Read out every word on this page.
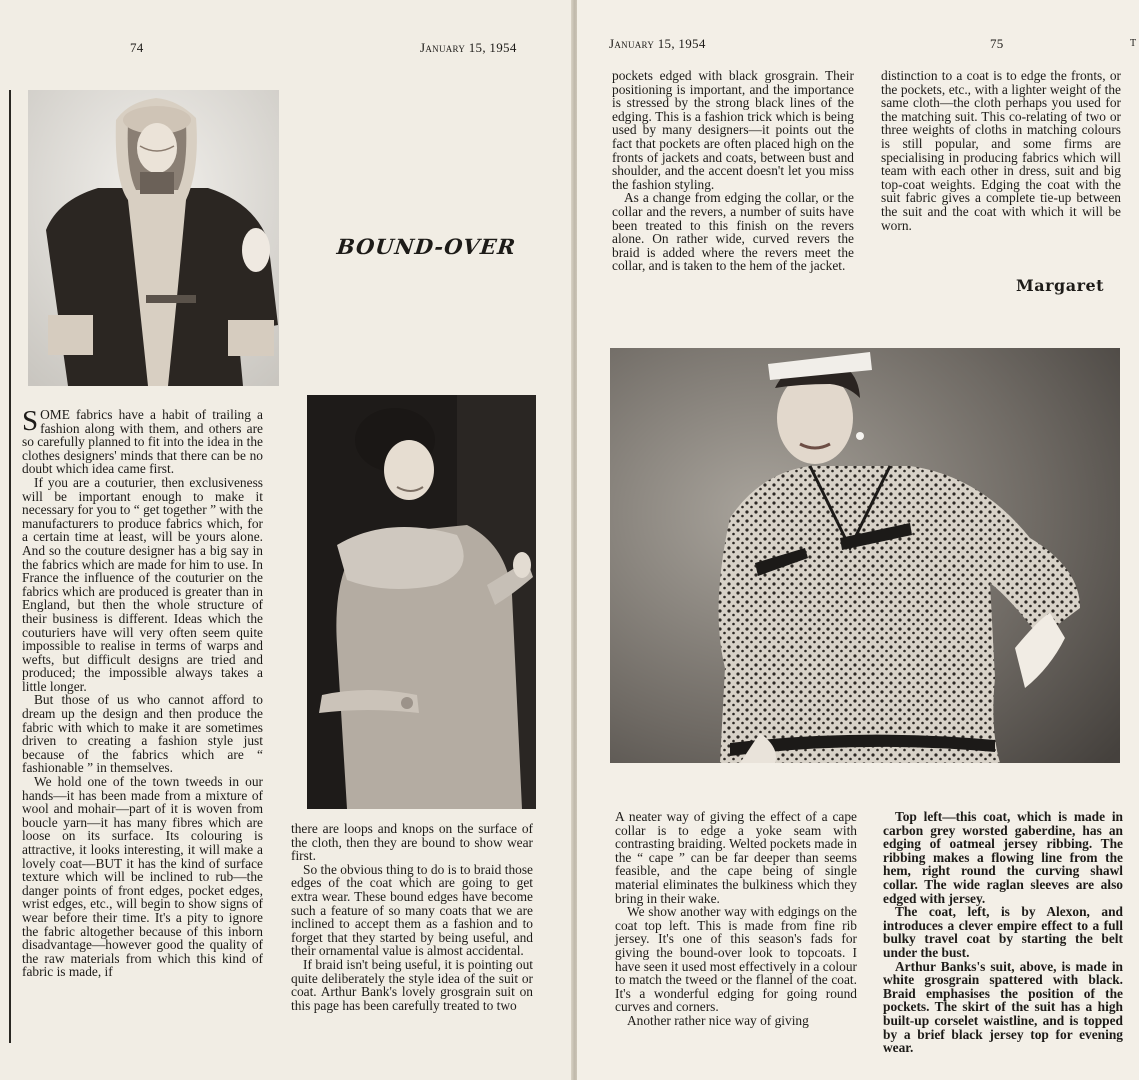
74	January 15, 1954
BOUND-OVER

SOME fabrics have a habit of trailing a fashion along with them, and others are so carefully planned to fit into the idea in the clothes designers' minds that there can be no doubt which idea came first.

If you are a couturier, then exclusiveness will be important enough to make it necessary for you to “ get together ” with the manufacturers to produce fabrics which, for a certain time at least, will be yours alone. And so the couture designer has a big say in the fabrics which are made for him to use. In France the influence of the couturier on the fabrics which are produced is greater than in England, but then the whole structure of their business is different. Ideas which the couturiers have will very often seem quite impossible to realise in terms of warps and wefts, but difficult designs are tried and produced; the impossible always takes a little longer.

But those of us who cannot afford to dream up the design and then produce the fabric with which to make it are sometimes driven to creating a fashion style just because of the fabrics which are “ fashionable ” in themselves.

We hold one of the town tweeds in our hands—it has been made from a mixture of wool and mohair—part of it is woven from boucle yarn—it has many fibres which are loose on its surface. Its colouring is attractive, it looks interesting, it will make a lovely coat—BUT it has the kind of surface texture which will be inclined to rub—the danger points of front edges, pocket edges, wrist edges, etc., will begin to show signs of wear before their time. It's a pity to ignore the fabric altogether because of this inborn disadvantage—however good the quality of the raw materials from which this kind of fabric is made, if

there are loops and knops on the surface of the cloth, then they are bound to show wear first.

So the obvious thing to do is to braid those edges of the coat which are going to get extra wear. These bound edges have become such a feature of so many coats that we are inclined to accept them as a fashion and to forget that they started by being useful, and their ornamental value is almost accidental.

If braid isn't being useful, it is pointing out quite deliberately the style idea of the suit or coat. Arthur Bank's lovely grosgrain suit on this page has been carefully treated to two

January 15, 1954	75	T

pockets edged with black grosgrain. Their positioning is important, and the importance is stressed by the strong black lines of the edging. This is a fashion trick which is being used by many designers—it points out the fact that pockets are often placed high on the fronts of jackets and coats, between bust and shoulder, and the accent doesn't let you miss the fashion styling.

As a change from edging the collar, or the collar and the revers, a number of suits have been treated to this finish on the revers alone. On rather wide, curved revers the braid is added where the revers meet the collar, and is taken to the hem of the jacket.

distinction to a coat is to edge the fronts, or the pockets, etc., with a lighter weight of the same cloth—the cloth perhaps you used for the matching suit. This co-relating of two or three weights of cloths in matching colours is still popular, and some firms are specialising in producing fabrics which will team with each other in dress, suit and big top-coat weights. Edging the coat with the suit fabric gives a complete tie-up between the suit and the coat with which it will be worn.

Margaret

A neater way of giving the effect of a cape collar is to edge a yoke seam with contrasting braiding. Welted pockets made in the “ cape ” can be far deeper than seems feasible, and the cape being of single material eliminates the bulkiness which they bring in their wake.

We show another way with edgings on the coat top left. This is made from fine rib jersey. It's one of this season's fads for giving the bound-over look to topcoats. I have seen it used most effectively in a colour to match the tweed or the flannel of the coat. It's a wonderful edging for going round curves and corners.

Another rather nice way of giving

Top left—this coat, which is made in carbon grey worsted gaberdine, has an edging of oatmeal jersey ribbing. The ribbing makes a flowing line from the hem, right round the curving shawl collar. The wide raglan sleeves are also edged with jersey.

The coat, left, is by Alexon, and introduces a clever empire effect to a full bulky travel coat by starting the belt under the bust.

Arthur Banks's suit, above, is made in white grosgrain spattered with black. Braid emphasises the position of the pockets. The skirt of the suit has a high built-up corselet waistline, and is topped by a brief black jersey top for evening wear.
